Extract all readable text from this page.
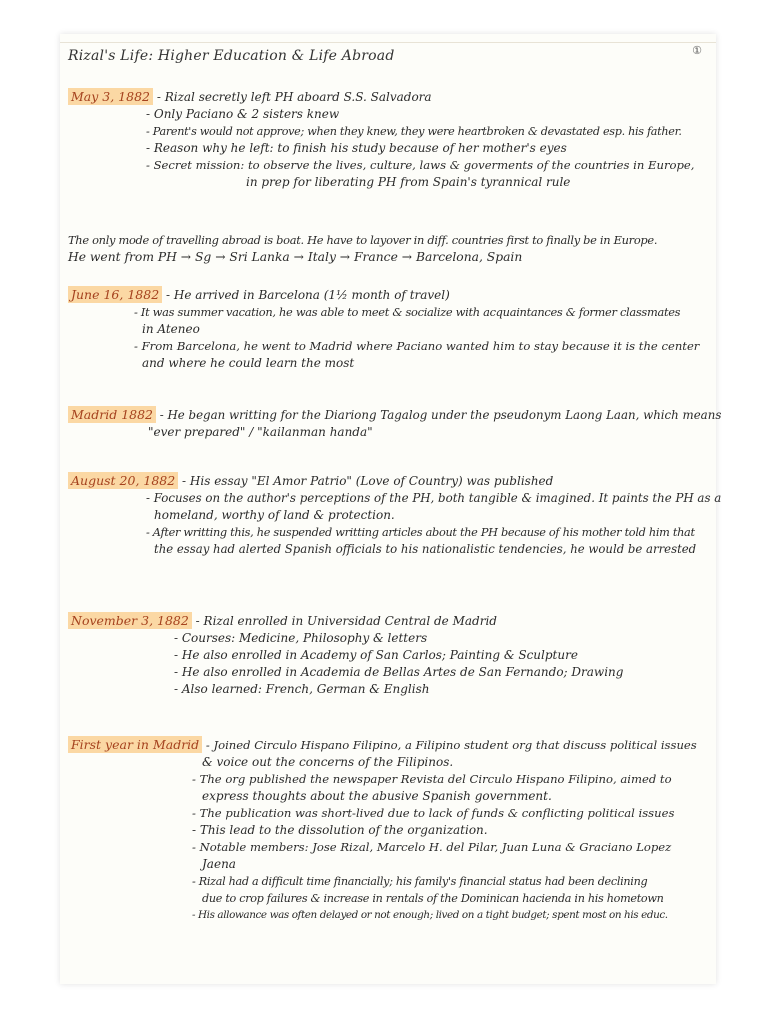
Rizal's Life: Higher Education & Life Abroad	①
May 3, 1882 - Rizal secretly left PH aboard S.S. Salvadora
- Only Paciano & 2 sisters knew
- Parent's would not approve; when they knew, they were heartbroken & devastated esp. his father.
- Reason why he left: to finish his study because of her mother's eyes
- Secret mission: to observe the lives, culture, laws & goverments of the countries in Europe,
in prep for liberating PH from Spain's tyrannical rule
The only mode of travelling abroad is boat. He have to layover in diff. countries first to finally be in Europe.
He went from PH → Sg → Sri Lanka → Italy → France → Barcelona, Spain
June 16, 1882 - He arrived in Barcelona (1½ month of travel)
- It was summer vacation, he was able to meet & socialize with acquaintances & former classmates
in Ateneo
- From Barcelona, he went to Madrid where Paciano wanted him to stay because it is the center
and where he could learn the most
Madrid 1882 - He began writting for the Diariong Tagalog under the pseudonym Laong Laan, which means
"ever prepared" / "kailanman handa"
August 20, 1882 - His essay "El Amor Patrio" (Love of Country) was published
- Focuses on the author's perceptions of the PH, both tangible & imagined. It paints the PH as a
homeland, worthy of land & protection.
- After writting this, he suspended writting articles about the PH because of his mother told him that
the essay had alerted Spanish officials to his nationalistic tendencies, he would be arrested
November 3, 1882 - Rizal enrolled in Universidad Central de Madrid
- Courses: Medicine, Philosophy & letters
- He also enrolled in Academy of San Carlos; Painting & Sculpture
- He also enrolled in Academia de Bellas Artes de San Fernando; Drawing
- Also learned: French, German & English
First year in Madrid - Joined Circulo Hispano Filipino, a Filipino student org that discuss political issues
& voice out the concerns of the Filipinos.
- The org published the newspaper Revista del Circulo Hispano Filipino, aimed to
express thoughts about the abusive Spanish government.
- The publication was short-lived due to lack of funds & conflicting political issues
- This lead to the dissolution of the organization.
- Notable members: Jose Rizal, Marcelo H. del Pilar, Juan Luna & Graciano Lopez
Jaena
- Rizal had a difficult time financially; his family's financial status had been declining
due to crop failures & increase in rentals of the Dominican hacienda in his hometown
- His allowance was often delayed or not enough; lived on a tight budget; spent most on his educ.
